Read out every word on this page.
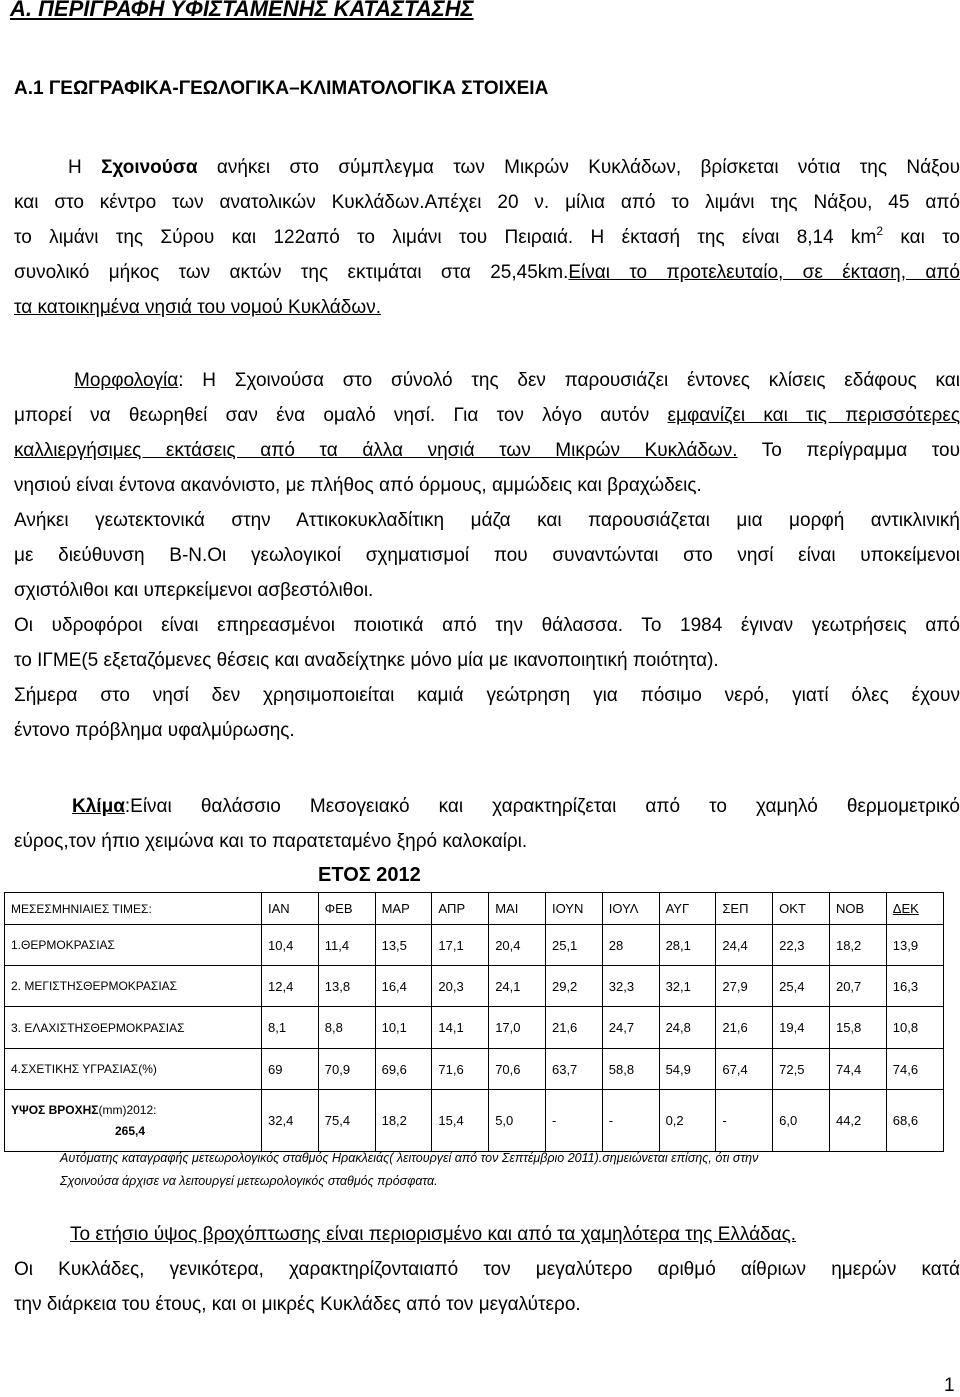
Α. ΠΕΡΙΓΡΑΦΗ ΥΦΙΣΤΑΜΕΝΗΣ ΚΑΤΑΣΤΑΣΗΣ
Α.1 ΓΕΩΓΡΑΦΙΚΑ-ΓΕΩΛΟΓΙΚΑ–ΚΛΙΜΑΤΟΛΟΓΙΚΑ ΣΤΟΙΧΕΙΑ
Η Σχοινούσα ανήκει στο σύμπλεγμα των Μικρών Κυκλάδων, βρίσκεται νότια της Νάξου
και στο κέντρο των ανατολικών Κυκλάδων.Απέχει 20 ν. μίλια από το λιμάνι της Νάξου, 45 από
το λιμάνι της Σύρου και 122από το λιμάνι του Πειραιά. Η έκτασή της είναι 8,14 $km^2$ και το
συνολικό μήκος των ακτών της εκτιμάται στα 25,45km.Είναι το προτελευταίο, σε έκταση, από
τα κατοικημένα νησιά του νομού Κυκλάδων.
Μορφολογία: Η Σχοινούσα στο σύνολό της δεν παρουσιάζει έντονες κλίσεις εδάφους και
μπορεί να θεωρηθεί σαν ένα ομαλό νησί. Για τον λόγο αυτόν εμφανίζει και τις περισσότερες
καλλιεργήσιμες εκτάσεις από τα άλλα νησιά των Μικρών Κυκλάδων. Το περίγραμμα του
νησιού είναι έντονα ακανόνιστο, με πλήθος από όρμους, αμμώδεις και βραχώδεις.
Ανήκει γεωτεκτονικά στην Αττικοκυκλαδίτικη μάζα και παρουσιάζεται μια μορφή αντικλινική
με διεύθυνση Β-Ν.Οι γεωλογικοί σχηματισμοί που συναντώνται στο νησί είναι υποκείμενοι
σχιστόλιθοι και υπερκείμενοι ασβεστόλιθοι.
Οι υδροφόροι είναι επηρεασμένοι ποιοτικά από την θάλασσα. Το 1984 έγιναν γεωτρήσεις από
το ΙΓΜΕ(5 εξεταζόμενες θέσεις και αναδείχτηκε μόνο μία με ικανοποιητική ποιότητα).
Σήμερα στο νησί δεν χρησιμοποιείται καμιά γεώτρηση για πόσιμο νερό, γιατί όλες έχουν
έντονο πρόβλημα υφαλμύρωσης.
Κλίμα:Είναι θαλάσσιο Μεσογειακό και χαρακτηρίζεται από το χαμηλό θερμομετρικό
εύρος,τον ήπιο χειμώνα και το παρατεταμένο ξηρό καλοκαίρι.
ΕΤΟΣ 2012
ΜΕΣΕΣΜΗΝΙΑΙΕΣ ΤΙΜΕΣ:	ΙΑΝ	ΦΕΒ	ΜΑΡ	ΑΠΡ	ΜΑΙ	ΙΟΥΝ	ΙΟΥΛ	ΑΥΓ	ΣΕΠ	ΟΚΤ	ΝΟΒ	ΔΕΚ
1.ΘΕΡΜΟΚΡΑΣΙΑΣ	10,4	11,4	13,5	17,1	20,4	25,1	28	28,1	24,4	22,3	18,2	13,9
2. ΜΕΓΙΣΤΗΣΘΕΡΜΟΚΡΑΣΙΑΣ	12,4	13,8	16,4	20,3	24,1	29,2	32,3	32,1	27,9	25,4	20,7	16,3
3. ΕΛΑΧΙΣΤΗΣΘΕΡΜΟΚΡΑΣΙΑΣ	8,1	8,8	10,1	14,1	17,0	21,6	24,7	24,8	21,6	19,4	15,8	10,8
4.ΣΧΕΤΙΚΗΣ ΥΓΡΑΣΙΑΣ(%)	69	70,9	69,6	71,6	70,6	63,7	58,8	54,9	67,4	72,5	74,4	74,6

ΥΨΟΣ ΒΡΟΧΗΣ(mm)2012:
265,4	32,4	75,4	18,2	15,4	5,0	-	-	0,2	-	6,0	44,2	68,6
Αυτόματης καταγραφής μετεωρολογικός σταθμός Ηρακλειάς( λειτουργεί από τον Σεπτέμβριο 2011).σημειώνεται επίσης, ότι στην
Σχοινούσα άρχισε να λειτουργεί μετεωρολογικός σταθμός πρόσφατα.
Το ετήσιο ύψος βροχόπτωσης είναι περιορισμένο και από τα χαμηλότερα της Ελλάδας.
Οι Κυκλάδες, γενικότερα, χαρακτηρίζονταιαπό τον μεγαλύτερο αριθμό αίθριων ημερών κατά
την διάρκεια του έτους, και οι μικρές Κυκλάδες από τον μεγαλύτερο.
1
